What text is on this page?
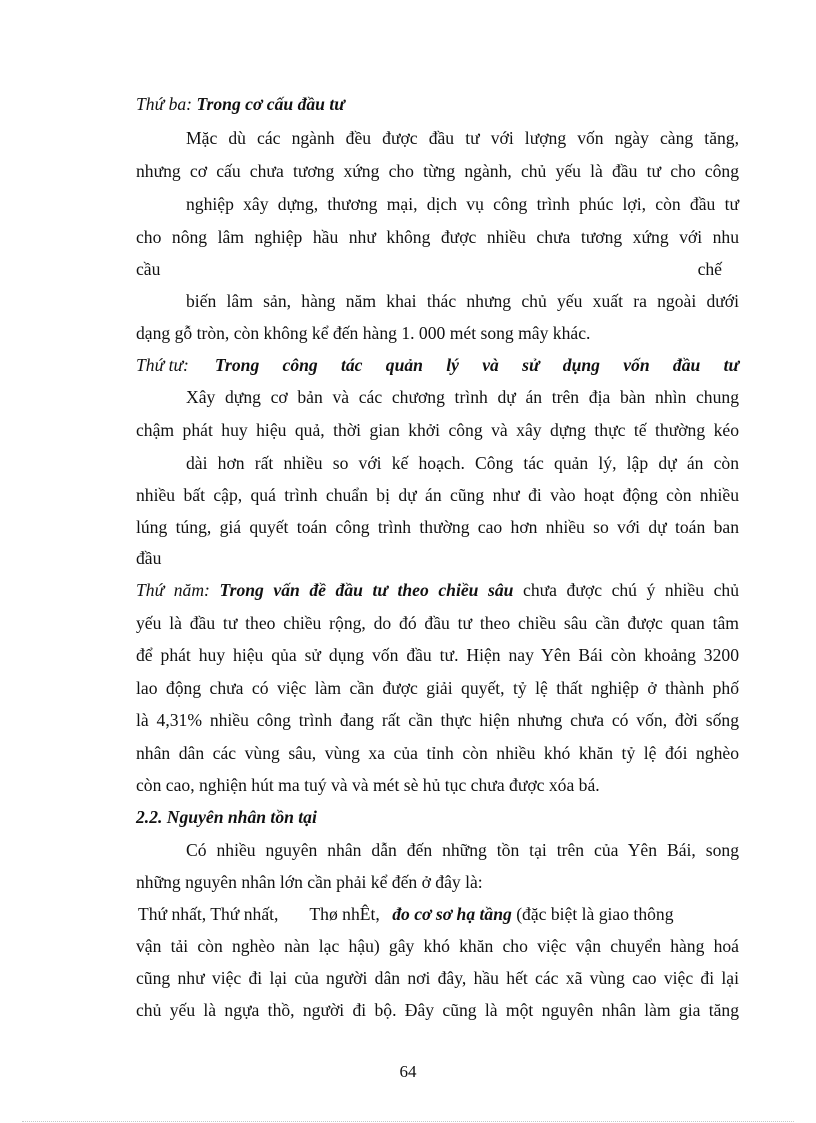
Thứ ba: Trong cơ cấu đầu tư
Mặc dù các ngành đều được đầu tư với lượng vốn ngày càng tăng,
nhưng cơ cấu chưa tương xứng cho từng ngành, chủ yếu là đầu tư cho công
nghiệp xây dựng, thương mại, dịch vụ công trình phúc lợi, còn đầu tư
cho nông lâm nghiệp hầu như không được nhiều chưa tương xứng với nhu
cầu	chế
biến lâm sản, hàng năm khai thác nhưng chủ yếu xuất ra ngoài dưới
dạng gỗ tròn, còn không kể đến hàng 1. 000 mét song mây khác.
Thứ tư: Trong công tác quản lý và sử dụng vốn đầu tư
Xây dựng cơ bản và các chương trình dự án trên địa bàn nhìn chung
chậm phát huy hiệu quả, thời gian khởi công và xây dựng thực tế thường kéo
dài hơn rất nhiều so với kế hoạch. Công tác quản lý, lập dự án còn
nhiều bất cập, quá trình chuẩn bị dự án cũng như đi vào hoạt động còn nhiều
lúng túng, giá quyết toán công trình thường cao hơn nhiều so với dự toán ban
đầu
Thứ năm: Trong vấn đề đầu tư theo chiều sâu chưa được chú ý nhiều chủ
yếu là đầu tư theo chiều rộng, do đó đầu tư theo chiều sâu cần được quan tâm
để phát huy hiệu qủa sử dụng vốn đầu tư. Hiện nay Yên Bái còn khoảng 3200
lao động chưa có việc làm cần được giải quyết, tỷ lệ thất nghiệp ở thành phố
là 4,31% nhiều công trình đang rất cần thực hiện nhưng chưa có vốn, đời sống
nhân dân các vùng sâu, vùng xa của tỉnh còn nhiều khó khăn tỷ lệ đói nghèo
còn cao, nghiện hút ma tuý và và mét sè hủ tục chưa được xóa bá.
2.2. Nguyên nhân tồn tại
Có nhiều nguyên nhân dẫn đến những tồn tại trên của Yên Bái, song
những nguyên nhân lớn cần phải kể đến ở đây là:
Thứ nhất, Thứ nhất, Thø nhÊt, đo cơ sơ hạ tầng (đặc biệt là giao thông
vận tải còn nghèo nàn lạc hậu) gây khó khăn cho việc vận chuyển hàng hoá
cũng như việc đi lại của người dân nơi đây, hầu hết các xã vùng cao việc đi lại
chủ yếu là ngựa thồ, người đi bộ. Đây cũng là một nguyên nhân làm gia tăng
64
